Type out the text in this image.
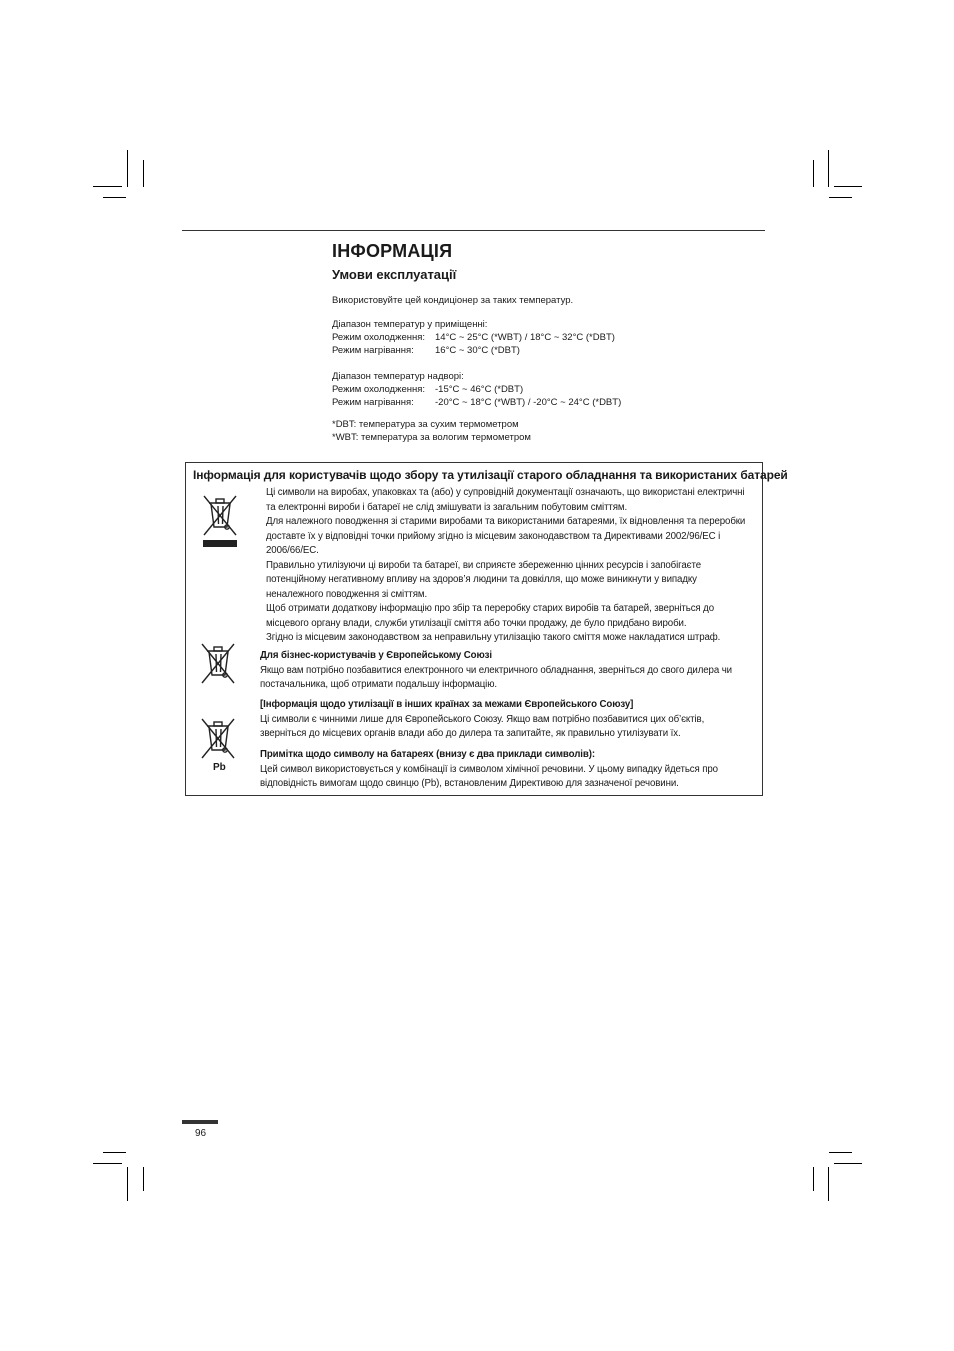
ІНФОРМАЦІЯ
Умови експлуатації
Використовуйте цей кондиціонер за таких температур.
Діапазон температур у приміщенні:
Режим охолодження: 14°C ~ 25°C (*WBT) / 18°C ~ 32°C (*DBT)
Режим нагрівання: 16°C ~ 30°C (*DBT)
Діапазон температур надворі:
Режим охолодження: -15°C ~ 46°C (*DBT)
Режим нагрівання: -20°C ~ 18°C (*WBT) / -20°C ~ 24°C (*DBT)
*DBT: температура за сухим термометром
*WBT: температура за вологим термометром
Інформація для користувачів щодо збору та утилізації старого обладнання та використаних батарей
Ці символи на виробах, упаковках та (або) у супровідній документації означають, що використані електричні
та електронні вироби і батареї не слід змішувати із загальним побутовим сміттям.
Для належного поводження зі старими виробами та використаними батареями, їх відновлення та переробки
доставте їх у відповідні точки прийому згідно із місцевим законодавством та Директивами 2002/96/EC і
2006/66/EC.
Правильно утилізуючи ці вироби та батареї, ви сприяєте збереженню цінних ресурсів і запобігаєте
потенційному негативному впливу на здоров’я людини та довкілля, що може виникнути у випадку
неналежного поводження зі сміттям.
Щоб отримати додаткову інформацію про збір та переробку старих виробів та батарей, зверніться до
місцевого органу влади, служби утилізації сміття або точки продажу, де було придбано вироби.
Згідно із місцевим законодавством за неправильну утилізацію такого сміття може накладатися штраф.
Для бізнес-користувачів у Європейському Союзі
Якщо вам потрібно позбавитися електронного чи електричного обладнання, зверніться до свого дилера чи
постачальника, щоб отримати подальшу інформацію.
[Інформація щодо утилізації в інших країнах за межами Європейського Союзу]
Ці символи є чинними лише для Європейського Союзу. Якщо вам потрібно позбавитися цих об’єктів,
зверніться до місцевих органів влади або до дилера та запитайте, як правильно утилізувати їх.
Pb
Примітка щодо символу на батареях (внизу є два приклади символів):
Цей символ використовується у комбінації із символом хімічної речовини. У цьому випадку йдеться про
відповідність вимогам щодо свинцю (Pb), встановленим Директивою для зазначеної речовини.
96
